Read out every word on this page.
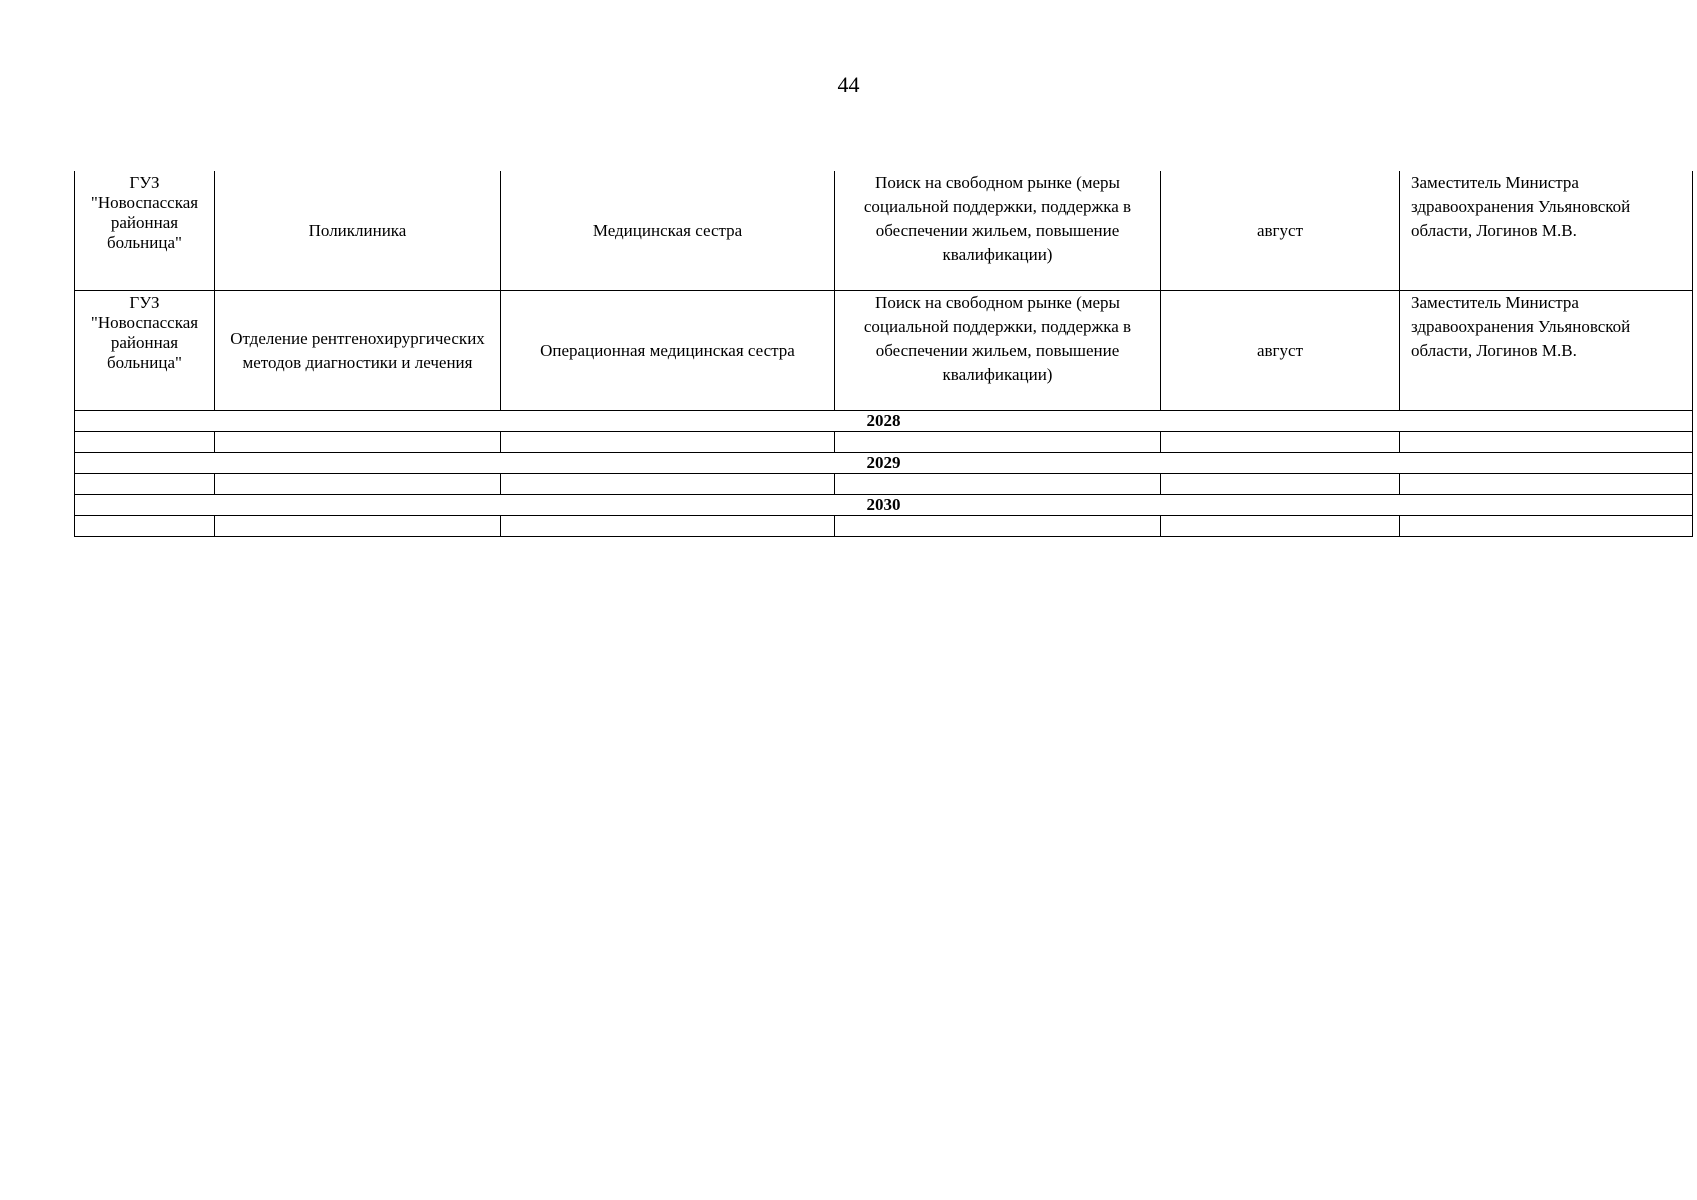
44
ГУЗ "Новоспасская районная больница"	Поликлиника	Медицинская сестра	Поиск на свободном рынке (меры социальной поддержки, поддержка в обеспечении жильем, повышение квалификации)	август	Заместитель Министра здравоохранения Ульяновской области, Логинов М.В.
ГУЗ "Новоспасская районная больница"	Отделение рентгенохирургических методов диагностики и лечения	Операционная медицинская сестра	Поиск на свободном рынке (меры социальной поддержки, поддержка в обеспечении жильем, повышение квалификации)	август	Заместитель Министра здравоохранения Ульяновской области, Логинов М.В.
2028					

2029					

2030					
